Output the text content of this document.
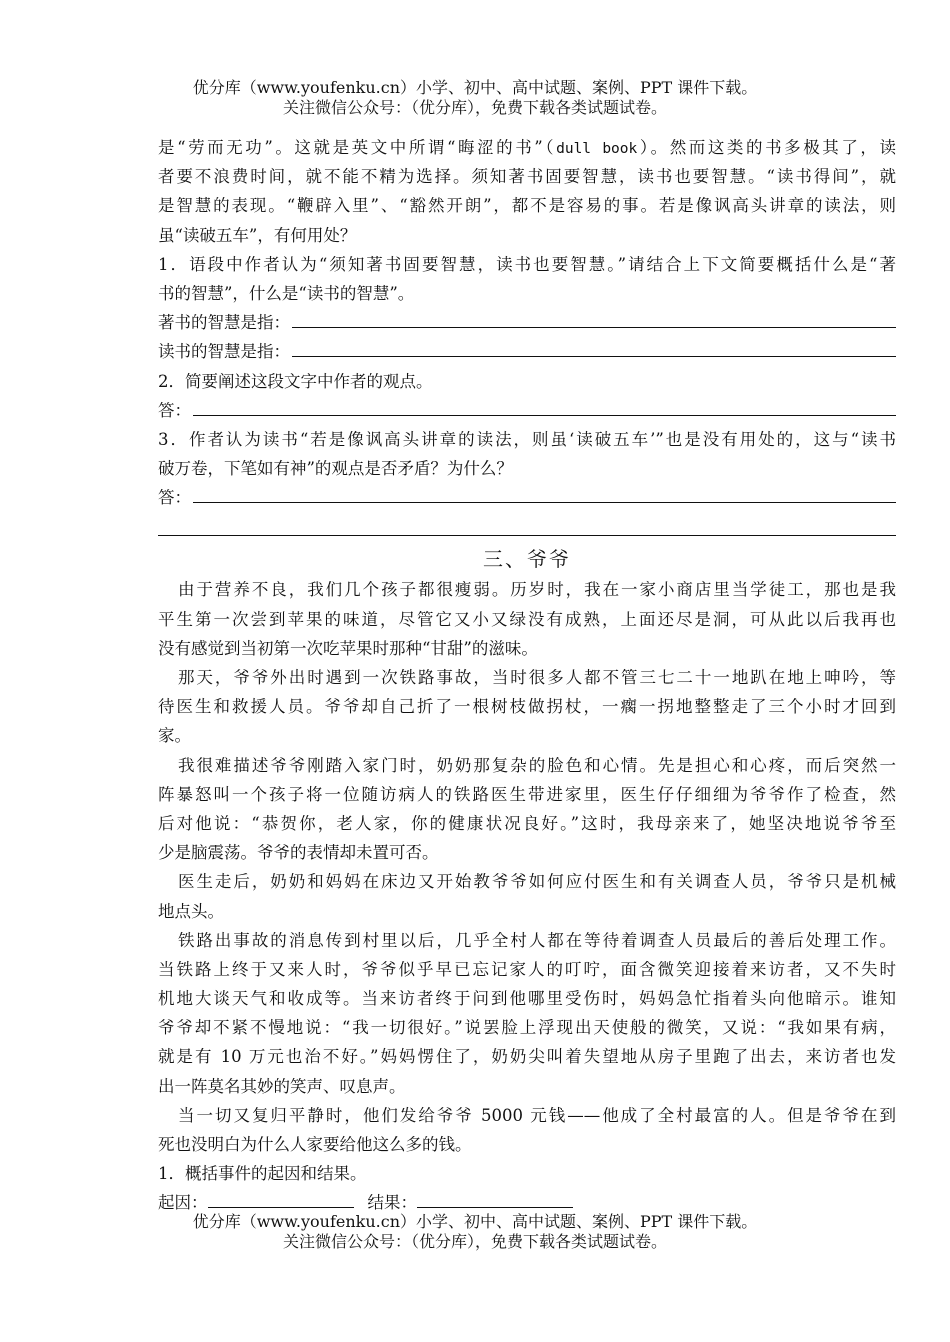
优分库（www.youfenku.cn）小学、初中、高中试题、案例、PPT 课件下载。
关注微信公众号：（优分库），免费下载各类试题试卷。
是“劳而无功”。这就是英文中所谓“晦涩的书”（dull book）。然而这类的书多极其了，读
者要不浪费时间，就不能不精为选择。须知著书固要智慧，读书也要智慧。“读书得间”，就
是智慧的表现。“鞭辟入里”、“豁然开朗”，都不是容易的事。若是像讽高头讲章的读法，则
虽“读破五车”，有何用处？
1．语段中作者认为“须知著书固要智慧，读书也要智慧。”请结合上下文简要概括什么是“著
书的智慧”，什么是“读书的智慧”。
著书的智慧是指：
读书的智慧是指：
2．简要阐述这段文字中作者的观点。
答：
3．作者认为读书“若是像讽高头讲章的读法，则虽‘读破五车’”也是没有用处的，这与“读书
破万卷，下笔如有神”的观点是否矛盾？为什么？
答：
三、爷爷
由于营养不良，我们几个孩子都很瘦弱。历岁时，我在一家小商店里当学徒工，那也是我
平生第一次尝到苹果的味道，尽管它又小又绿没有成熟，上面还尽是洞，可从此以后我再也
没有感觉到当初第一次吃苹果时那种“甘甜”的滋味。
那天，爷爷外出时遇到一次铁路事故，当时很多人都不管三七二十一地趴在地上呻吟，等
待医生和救援人员。爷爷却自己折了一根树枝做拐杖，一瘸一拐地整整走了三个小时才回到
家。
我很难描述爷爷刚踏入家门时，奶奶那复杂的脸色和心情。先是担心和心疼，而后突然一
阵暴怒叫一个孩子将一位随访病人的铁路医生带进家里，医生仔仔细细为爷爷作了检查，然
后对他说：“恭贺你，老人家，你的健康状况良好。”这时，我母亲来了，她坚决地说爷爷至
少是脑震荡。爷爷的表情却未置可否。
医生走后，奶奶和妈妈在床边又开始教爷爷如何应付医生和有关调查人员，爷爷只是机械
地点头。
铁路出事故的消息传到村里以后，几乎全村人都在等待着调查人员最后的善后处理工作。
当铁路上终于又来人时，爷爷似乎早已忘记家人的叮咛，面含微笑迎接着来访者，又不失时
机地大谈天气和收成等。当来访者终于问到他哪里受伤时，妈妈急忙指着头向他暗示。谁知
爷爷却不紧不慢地说：“我一切很好。”说罢脸上浮现出天使般的微笑，又说：“我如果有病，
就是有 10 万元也治不好。”妈妈愣住了，奶奶尖叫着失望地从房子里跑了出去，来访者也发
出一阵莫名其妙的笑声、叹息声。
当一切又复归平静时，他们发给爷爷 5000 元钱——他成了全村最富的人。但是爷爷在到
死也没明白为什么人家要给他这么多的钱。
1．概括事件的起因和结果。
起因：	结果：
优分库（www.youfenku.cn）小学、初中、高中试题、案例、PPT 课件下载。
关注微信公众号：（优分库），免费下载各类试题试卷。
